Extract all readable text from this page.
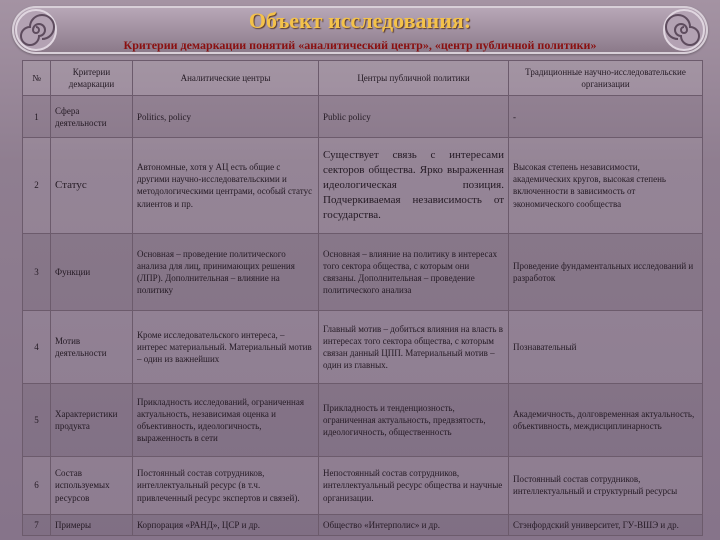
Объект исследования:
Критерии демаркации понятий «аналитический центр», «центр публичной политики»
№	Критерии демаркации	Аналитические центры	Центры публичной политики	Традиционные научно-исследовательские организации
1	Сфера деятельности	Politics, policy	Public policy	-
2	Статус	Автономные, хотя у АЦ есть общие с другими научно-исследовательскими и методологическими центрами, особый статус клиентов и пр.	Существует связь с интересами секторов общества. Ярко выраженная идеологическая позиция. Подчеркиваемая независимость от государства.	Высокая степень независимости, академических кругов, высокая степень включенности в зависимость от экономического сообщества
3	Функции	Основная – проведение политического анализа для лиц, принимающих решения (ЛПР). Дополнительная – влияние на политику	Основная – влияние на политику в интересах того сектора общества, с которым они связаны. Дополнительная – проведение политического анализа	Проведение фундаментальных исследований и разработок
4	Мотив деятельности	Кроме исследовательского интереса, – интерес материальный. Материальный мотив – один из важнейших	Главный мотив – добиться влияния на власть в интересах того сектора общества, с которым связан данный ЦПП. Материальный мотив – один из главных.	Познавательный
5	Характеристики продукта	Прикладность исследований, ограниченная актуальность, независимая оценка и объективность, идеологичность, выраженность в сети	Прикладность и тенденциозность, ограниченная актуальность, предвзятость, идеологичность, общественность	Академичность, долговременная актуальность, объективность, междисциплинарность
6	Состав используемых ресурсов	Постоянный состав сотрудников, интеллектуальный ресурс (в т.ч. привлеченный ресурс экспертов и связей).	Непостоянный состав сотрудников, интеллектуальный ресурс общества и научные организации.	Постоянный состав сотрудников, интеллектуальный и структурный ресурсы
7	Примеры	Корпорация «РАНД», ЦСР и др.	Общество «Интерполис» и др.	Стэнфордский университет, ГУ-ВШЭ и др.
